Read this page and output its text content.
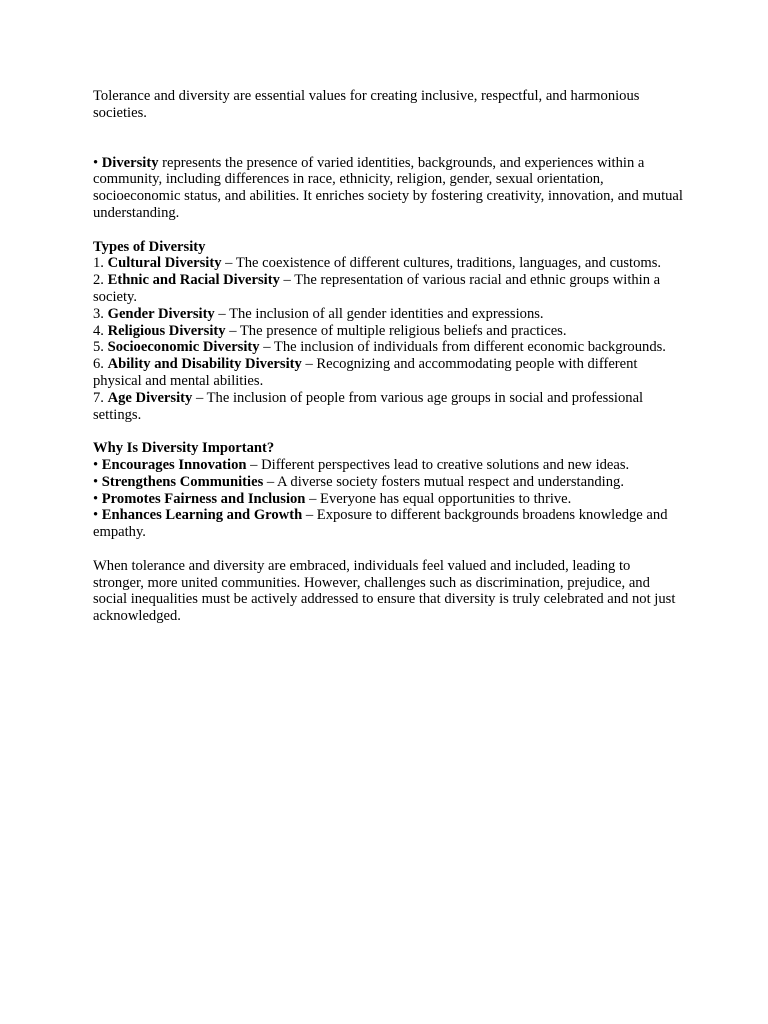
Tolerance and diversity are essential values for creating inclusive, respectful, and harmonious societies.

• Diversity represents the presence of varied identities, backgrounds, and experiences within a community, including differences in race, ethnicity, religion, gender, sexual orientation, socioeconomic status, and abilities. It enriches society by fostering creativity, innovation, and mutual understanding.

Types of Diversity

1. Cultural Diversity – The coexistence of different cultures, traditions, languages, and customs.

2. Ethnic and Racial Diversity – The representation of various racial and ethnic groups within a society.

3. Gender Diversity – The inclusion of all gender identities and expressions.

4. Religious Diversity – The presence of multiple religious beliefs and practices.

5. Socioeconomic Diversity – The inclusion of individuals from different economic backgrounds.

6. Ability and Disability Diversity – Recognizing and accommodating people with different physical and mental abilities.

7. Age Diversity – The inclusion of people from various age groups in social and professional settings.

Why Is Diversity Important?

• Encourages Innovation – Different perspectives lead to creative solutions and new ideas.

• Strengthens Communities – A diverse society fosters mutual respect and understanding.

• Promotes Fairness and Inclusion – Everyone has equal opportunities to thrive.

• Enhances Learning and Growth – Exposure to different backgrounds broadens knowledge and empathy.

When tolerance and diversity are embraced, individuals feel valued and included, leading to stronger, more united communities. However, challenges such as discrimination, prejudice, and social inequalities must be actively addressed to ensure that diversity is truly celebrated and not just acknowledged.
